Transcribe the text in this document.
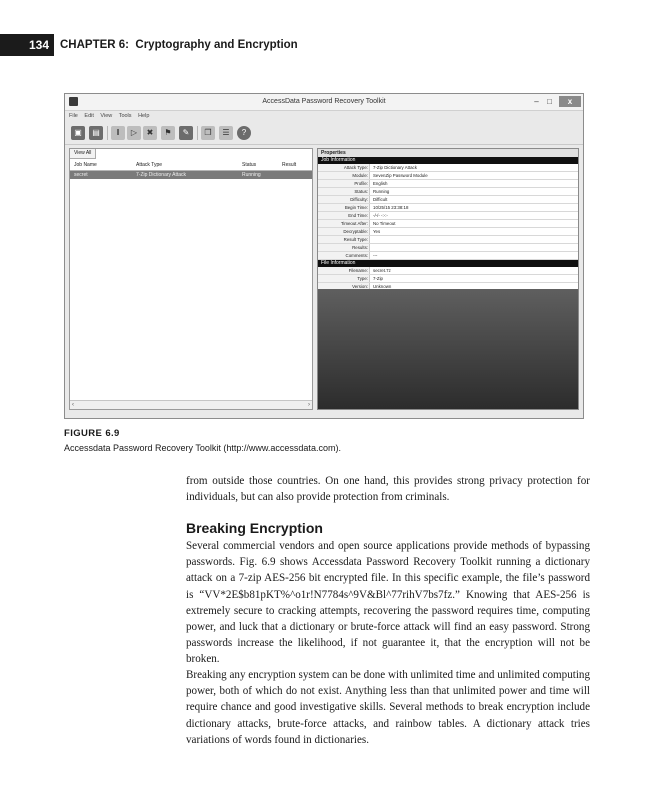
134 CHAPTER 6: Cryptography and Encryption
AccessData Password Recovery Toolkit	–	□	x
File Edit View Tools Help
▣	▤	‖	▷	✖	⚑	✎	❐	☰	?
View All
Job Name	Attack Type	Status	Result
secret	7-Zip Dictionary Attack	Running
‹	›
Properties
Job Information
Attack Type:	7-Zip Dictionary Attack
Module:	SevenZip Password Module
Profile:	English
Status:	Running
Difficulty:	Difficult
Begin Time:	10/25/15 23:38:18
End Time:	-/-/- -:-:-
Timeout After:	No Timeout
Decryptable:	Yes
Result Type:
Results:
Comments:	---
File Information
Filename:	secret.7z
Type:	7-Zip
Version:	Unknown
FIGURE 6.9
Accessdata Password Recovery Toolkit (http://www.accessdata.com).
from outside those countries. On one hand, this provides strong privacy protection for individuals, but can also provide protection from criminals.
Breaking Encryption
Several commercial vendors and open source applications provide methods of bypassing passwords. Fig. 6.9 shows Accessdata Password Recovery Toolkit running a dictionary attack on a 7-zip AES-256 bit encrypted file. In this specific example, the file’s password is “VV*2E$b81pKT%^o1r!N7784s^9V&Bl^77rihV7bs7fz.” Knowing that AES-256 is extremely secure to cracking attempts, recovering the password requires time, computing power, and luck that a dictionary or brute-force attack will find an easy password. Strong passwords increase the likelihood, if not guarantee it, that the encryption will not be broken.
Breaking any encryption system can be done with unlimited time and unlimited computing power, both of which do not exist. Anything less than that unlimited power and time will require chance and good investigative skills. Several methods to break encryption include dictionary attacks, brute-force attacks, and rainbow tables. A dictionary attack tries variations of words found in dictionaries.
